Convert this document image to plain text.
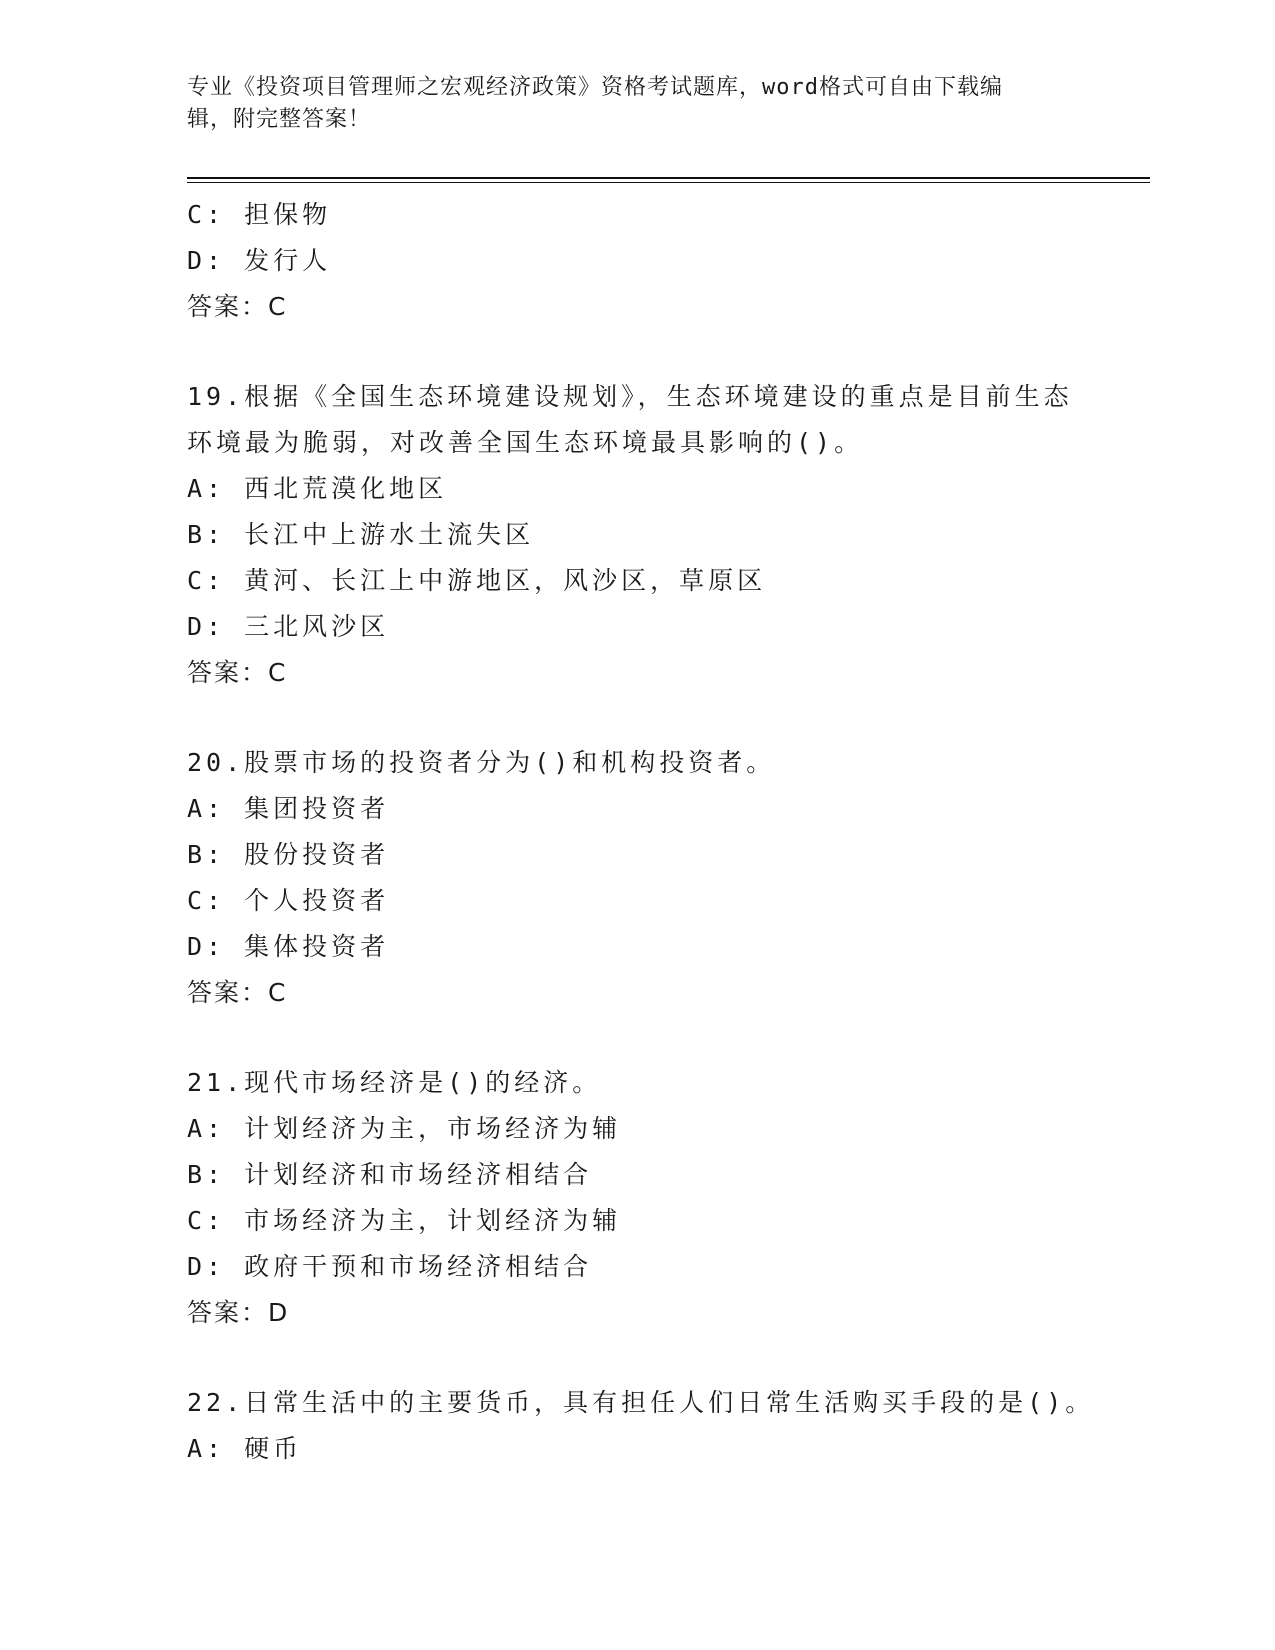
专业《投资项目管理师之宏观经济政策》资格考试题库，word格式可自由下载编
辑，附完整答案！
C: 担保物
D: 发行人
答案：C
19.根据《全国生态环境建设规划》，生态环境建设的重点是目前生态
环境最为脆弱，对改善全国生态环境最具影响的()。
A: 西北荒漠化地区
B: 长江中上游水土流失区
C: 黄河、长江上中游地区，风沙区，草原区
D: 三北风沙区
答案：C
20.股票市场的投资者分为()和机构投资者。
A: 集团投资者
B: 股份投资者
C: 个人投资者
D: 集体投资者
答案：C
21.现代市场经济是()的经济。
A: 计划经济为主，市场经济为辅
B: 计划经济和市场经济相结合
C: 市场经济为主，计划经济为辅
D: 政府干预和市场经济相结合
答案：D
22.日常生活中的主要货币，具有担任人们日常生活购买手段的是()。
A: 硬币
